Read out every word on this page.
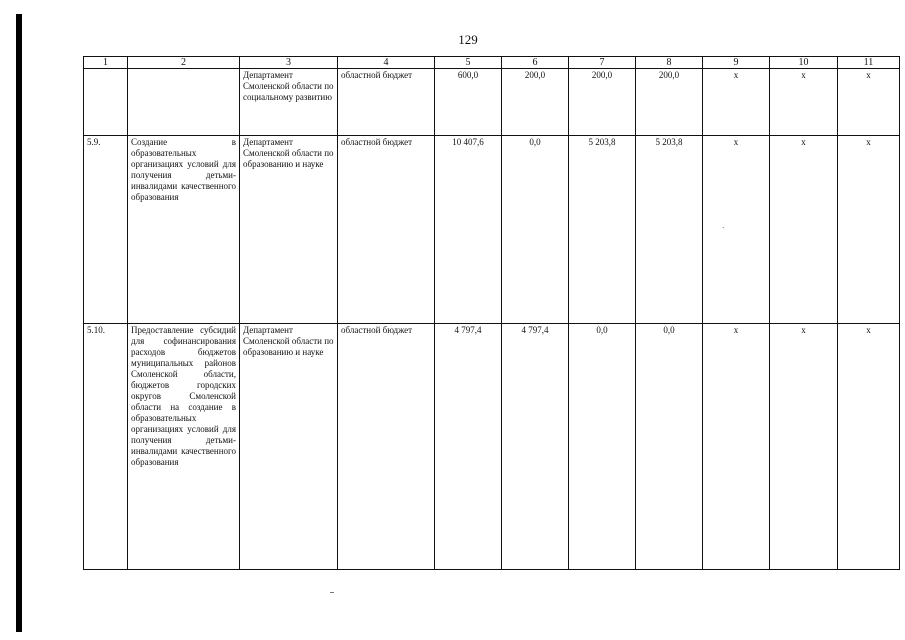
129
1	2	3	4	5	6	7	8	9	10	11
		Департамент Смоленской области по социальному развитию	областной бюджет	600,0	200,0	200,0	200,0	x	x	x
5.9.	Создание в образовательных организациях условий для получения детьми-инвалидами качественного образования	Департамент Смоленской области по образованию и науке	областной бюджет	10 407,6	0,0	5 203,8	5 203,8	x	x	x
5.10.	Предоставление субсидий для софинансирования расходов бюджетов муниципальных районов Смоленской области, бюджетов городских округов Смоленской области на создание в образовательных организациях условий для получения детьми-инвалидами качественного образования	Департамент Смоленской области по образованию и науке	областной бюджет	4 797,4	4 797,4	0,0	0,0	x	x	x
·
